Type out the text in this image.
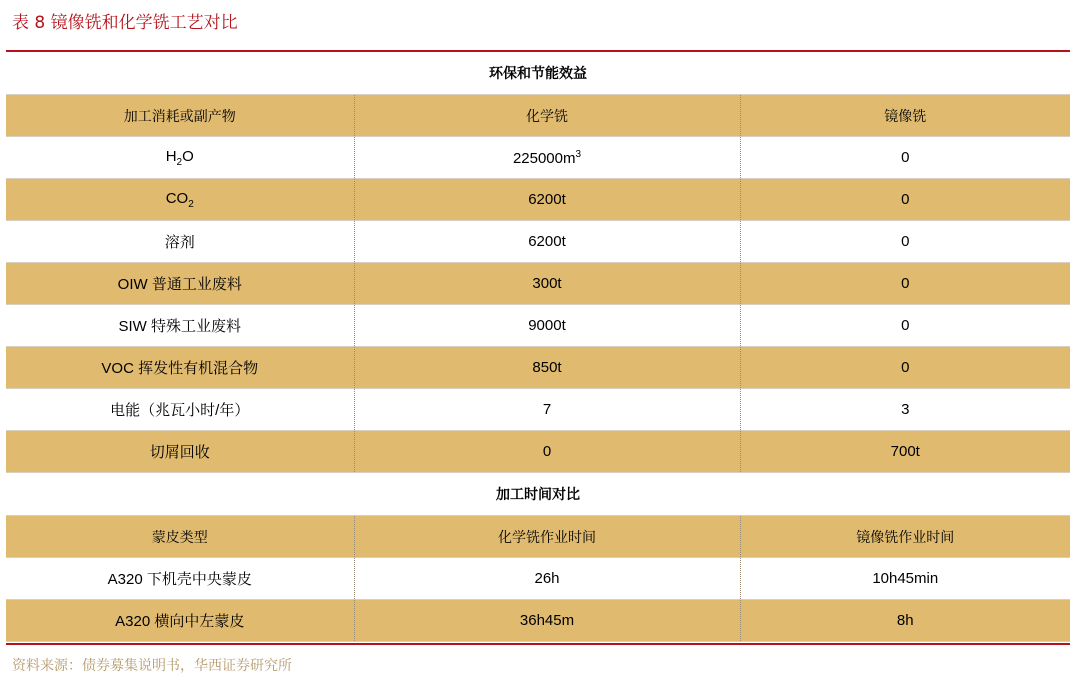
表 8 镜像铣和化学铣工艺对比
环保和节能效益		
加工消耗或副产物	化学铣	镜像铣
$H_2O$	$225000m^3$	0
$CO_2$	6200t	0
溶剂	6200t	0
OIW 普通工业废料	300t	0
SIW 特殊工业废料	9000t	0
VOC 挥发性有机混合物	850t	0
电能（兆瓦小时/年）	7	3
切屑回收	0	700t
加工时间对比		
蒙皮类型	化学铣作业时间	镜像铣作业时间
A320 下机壳中央蒙皮	26h	10h45min
A320 横向中左蒙皮	36h45m	8h
资料来源：债券募集说明书，华西证券研究所
